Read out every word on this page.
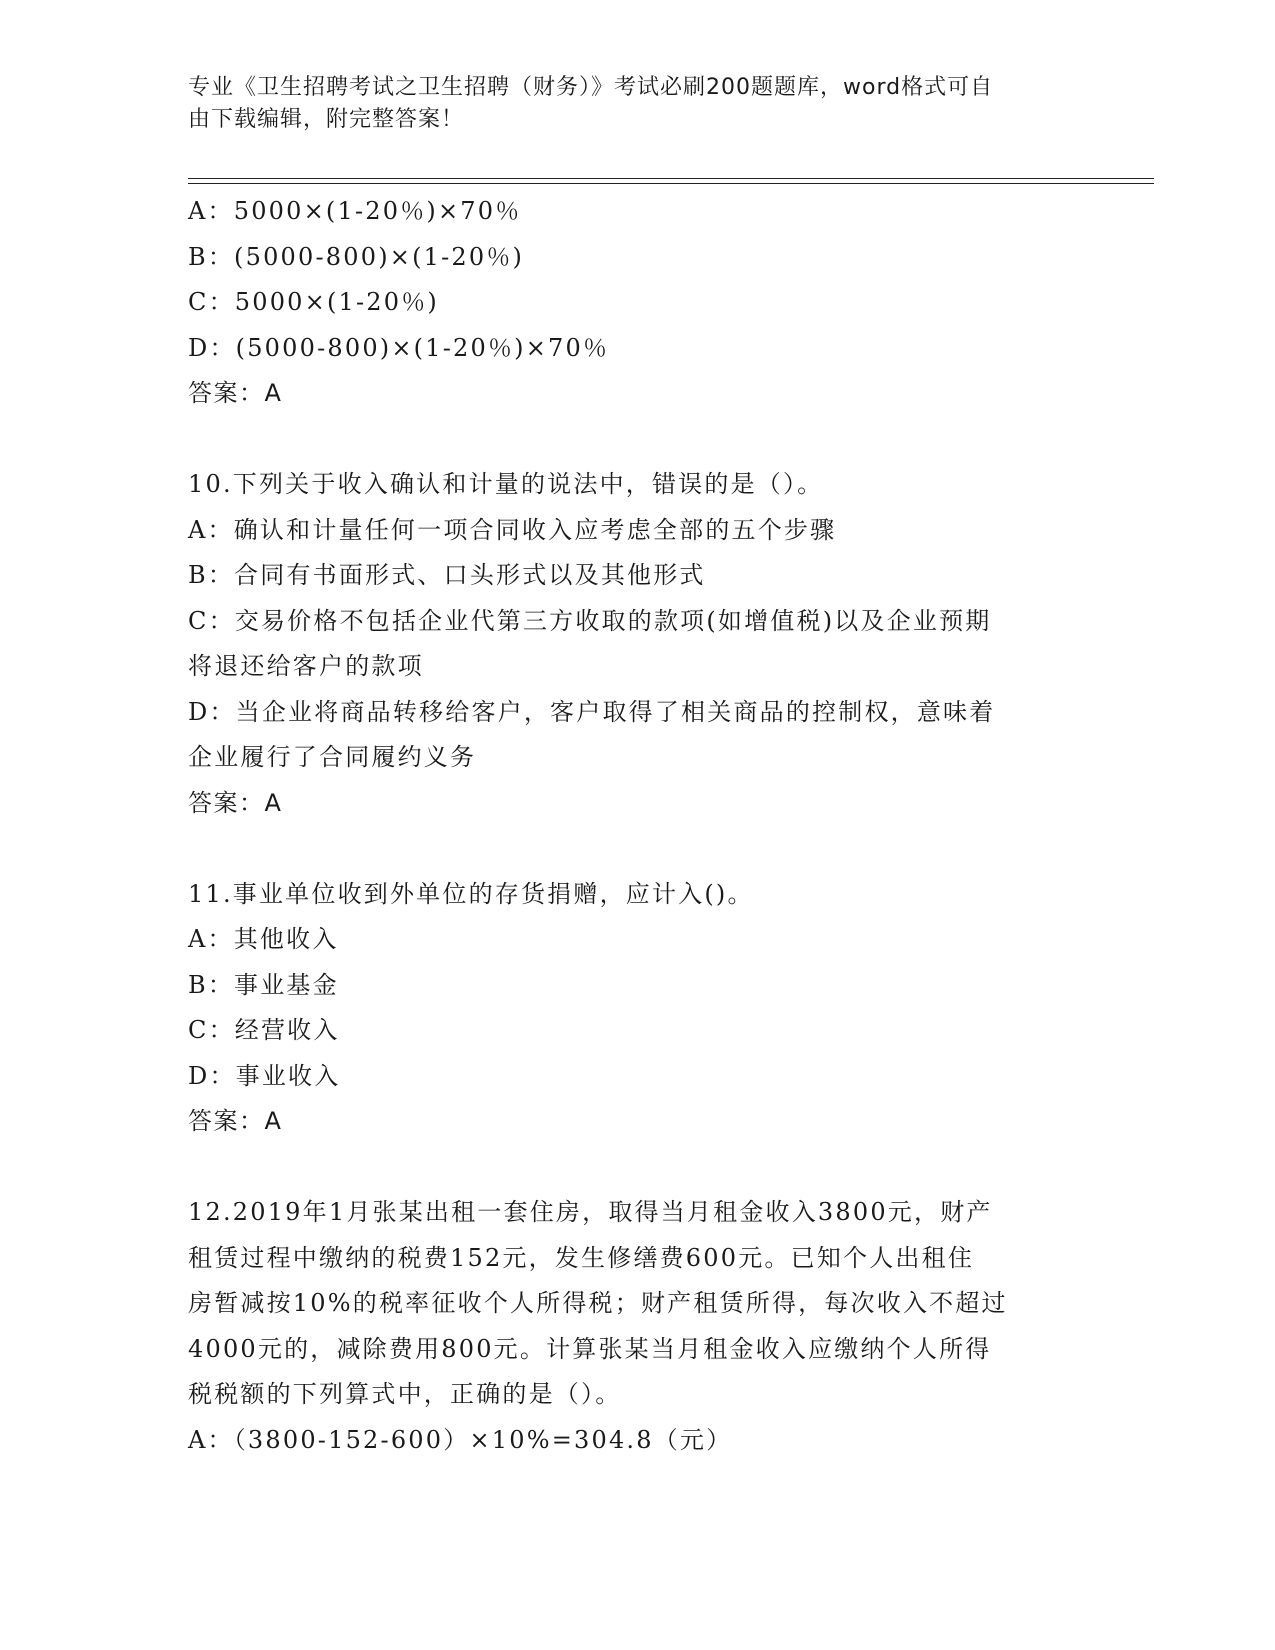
专业《卫生招聘考试之卫生招聘（财务）》考试必刷200题题库，word格式可自
由下载编辑，附完整答案！
A：5000×(1-20％)×70％
B：(5000-800)×(1-20％)
C：5000×(1-20％)
D：(5000-800)×(1-20％)×70％
答案：A
10.下列关于收入确认和计量的说法中，错误的是（）。
A：确认和计量任何一项合同收入应考虑全部的五个步骤
B：合同有书面形式、口头形式以及其他形式
C：交易价格不包括企业代第三方收取的款项(如增值税)以及企业预期
将退还给客户的款项
D：当企业将商品转移给客户，客户取得了相关商品的控制权，意味着
企业履行了合同履约义务
答案：A
11.事业单位收到外单位的存货捐赠，应计入()。
A：其他收入
B：事业基金
C：经营收入
D：事业收入
答案：A
12.2019年1月张某出租一套住房，取得当月租金收入3800元，财产
租赁过程中缴纳的税费152元，发生修缮费600元。已知个人出租住
房暂减按10%的税率征收个人所得税；财产租赁所得，每次收入不超过
4000元的，减除费用800元。计算张某当月租金收入应缴纳个人所得
税税额的下列算式中，正确的是（）。
A：（3800-152-600）×10%=304.8（元）
